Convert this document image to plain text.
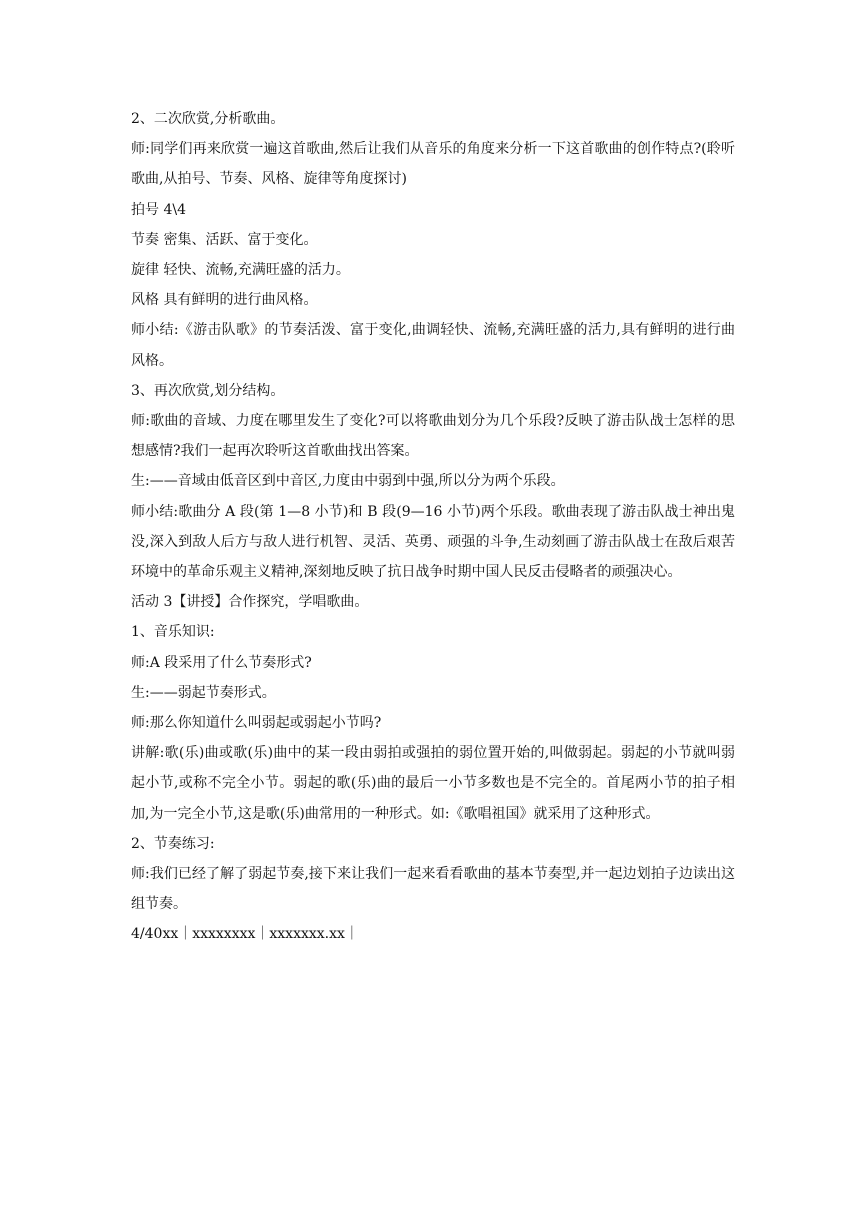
2、二次欣赏,分析歌曲。

师:同学们再来欣赏一遍这首歌曲,然后让我们从音乐的角度来分析一下这首歌曲的创作特点?(聆听歌曲,从拍号、节奏、风格、旋律等角度探讨)

拍号 4\4

节奏 密集、活跃、富于变化。

旋律 轻快、流畅,充满旺盛的活力。

风格 具有鲜明的进行曲风格。

师小结:《游击队歌》的节奏活泼、富于变化,曲调轻快、流畅,充满旺盛的活力,具有鲜明的进行曲风格。

3、再次欣赏,划分结构。

师:歌曲的音域、力度在哪里发生了变化?可以将歌曲划分为几个乐段?反映了游击队战士怎样的思想感情?我们一起再次聆听这首歌曲找出答案。

生:——音域由低音区到中音区,力度由中弱到中强,所以分为两个乐段。

师小结:歌曲分 A 段(第 1—8 小节)和 B 段(9—16 小节)两个乐段。歌曲表现了游击队战士神出鬼没,深入到敌人后方与敌人进行机智、灵活、英勇、顽强的斗争,生动刻画了游击队战士在敌后艰苦环境中的革命乐观主义精神,深刻地反映了抗日战争时期中国人民反击侵略者的顽强决心。

活动 3【讲授】合作探究，学唱歌曲。

1、音乐知识:

师:A 段采用了什么节奏形式?

生:——弱起节奏形式。

师:那么你知道什么叫弱起或弱起小节吗?

讲解:歌(乐)曲或歌(乐)曲中的某一段由弱拍或强拍的弱位置开始的,叫做弱起。弱起的小节就叫弱起小节,或称不完全小节。弱起的歌(乐)曲的最后一小节多数也是不完全的。首尾两小节的拍子相加,为一完全小节,这是歌(乐)曲常用的一种形式。如:《歌唱祖国》就采用了这种形式。

2、节奏练习:

师:我们已经了解了弱起节奏,接下来让我们一起来看看歌曲的基本节奏型,并一起边划拍子边读出这组节奏。

4/40xx｜xxxxxxxx｜xxxxxxx.xx｜
